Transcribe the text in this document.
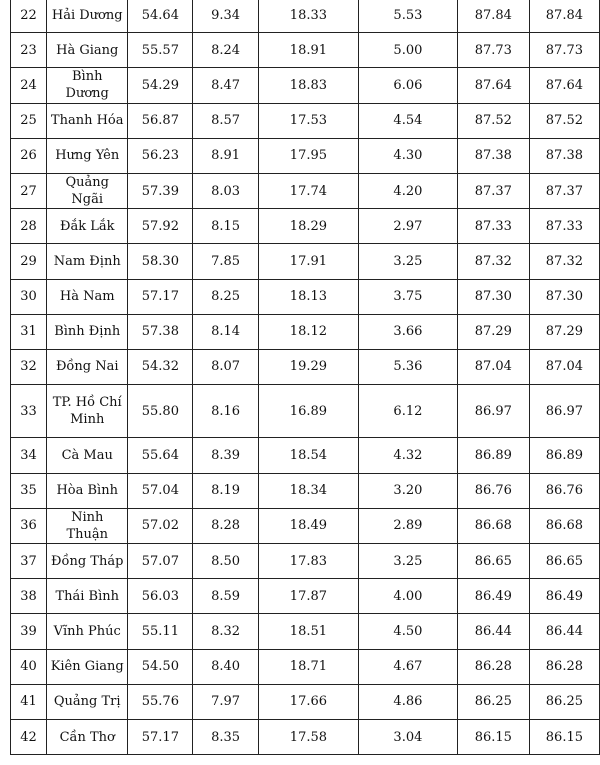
22	Hải Dương	54.64	9.34	18.33	5.53	87.84	87.84
23	Hà Giang	55.57	8.24	18.91	5.00	87.73	87.73
24	Bình Dương	54.29	8.47	18.83	6.06	87.64	87.64
25	Thanh Hóa	56.87	8.57	17.53	4.54	87.52	87.52
26	Hưng Yên	56.23	8.91	17.95	4.30	87.38	87.38
27	Quảng Ngãi	57.39	8.03	17.74	4.20	87.37	87.37
28	Đắk Lắk	57.92	8.15	18.29	2.97	87.33	87.33
29	Nam Định	58.30	7.85	17.91	3.25	87.32	87.32
30	Hà Nam	57.17	8.25	18.13	3.75	87.30	87.30
31	Bình Định	57.38	8.14	18.12	3.66	87.29	87.29
32	Đồng Nai	54.32	8.07	19.29	5.36	87.04	87.04
33	TP. Hồ Chí Minh	55.80	8.16	16.89	6.12	86.97	86.97
34	Cà Mau	55.64	8.39	18.54	4.32	86.89	86.89
35	Hòa Bình	57.04	8.19	18.34	3.20	86.76	86.76
36	Ninh Thuận	57.02	8.28	18.49	2.89	86.68	86.68
37	Đồng Tháp	57.07	8.50	17.83	3.25	86.65	86.65
38	Thái Bình	56.03	8.59	17.87	4.00	86.49	86.49
39	Vĩnh Phúc	55.11	8.32	18.51	4.50	86.44	86.44
40	Kiên Giang	54.50	8.40	18.71	4.67	86.28	86.28
41	Quảng Trị	55.76	7.97	17.66	4.86	86.25	86.25
42	Cần Thơ	57.17	8.35	17.58	3.04	86.15	86.15
